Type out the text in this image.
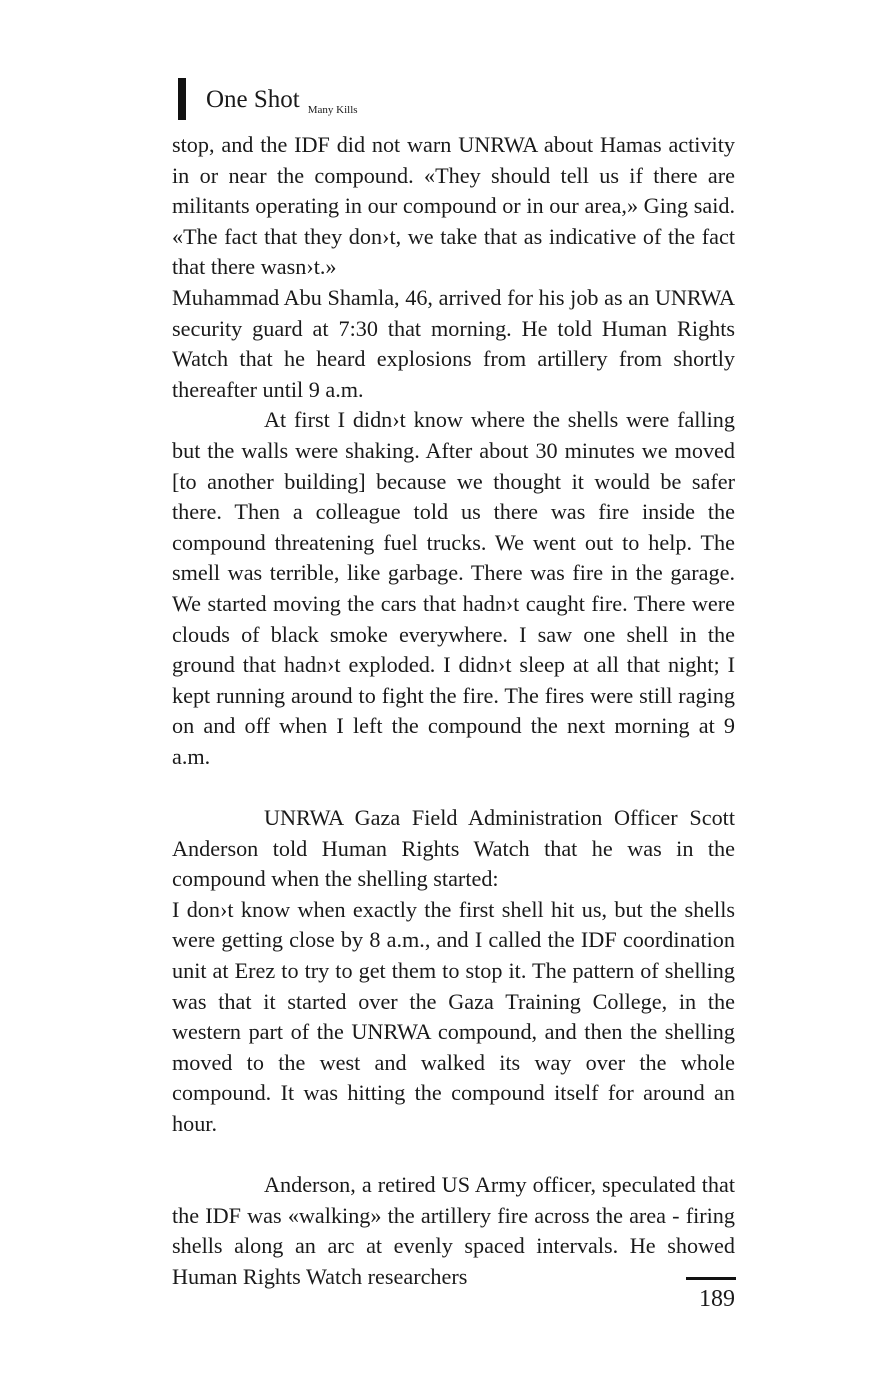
One Shot Many Kills

stop, and the IDF did not warn UNRWA about Hamas activity in or near the compound. «They should tell us if there are militants operating in our compound or in our area,» Ging said. «The fact that they don›t, we take that as indicative of the fact that there wasn›t.»

Muhammad Abu Shamla, 46, arrived for his job as an UNRWA security guard at 7:30 that morning. He told Human Rights Watch that he heard explosions from artillery from shortly thereafter until 9 a.m.

At first I didn›t know where the shells were falling but the walls were shaking. After about 30 minutes we moved [to another building] because we thought it would be safer there. Then a colleague told us there was fire inside the compound threatening fuel trucks. We went out to help. The smell was terrible, like garbage. There was fire in the garage. We started moving the cars that hadn›t caught fire. There were clouds of black smoke everywhere. I saw one shell in the ground that hadn›t exploded. I didn›t sleep at all that night; I kept running around to fight the fire. The fires were still raging on and off when I left the compound the next morning at 9 a.m.

UNRWA Gaza Field Administration Officer Scott Anderson told Human Rights Watch that he was in the compound when the shelling started:

I don›t know when exactly the first shell hit us, but the shells were getting close by 8 a.m., and I called the IDF coordination unit at Erez to try to get them to stop it. The pattern of shelling was that it started over the Gaza Training College, in the western part of the UNRWA compound, and then the shelling moved to the west and walked its way over the whole compound. It was hitting the compound itself for around an hour.

Anderson, a retired US Army officer, speculated that the IDF was «walking» the artillery fire across the area - firing shells along an arc at evenly spaced intervals. He showed Human Rights Watch researchers

189
